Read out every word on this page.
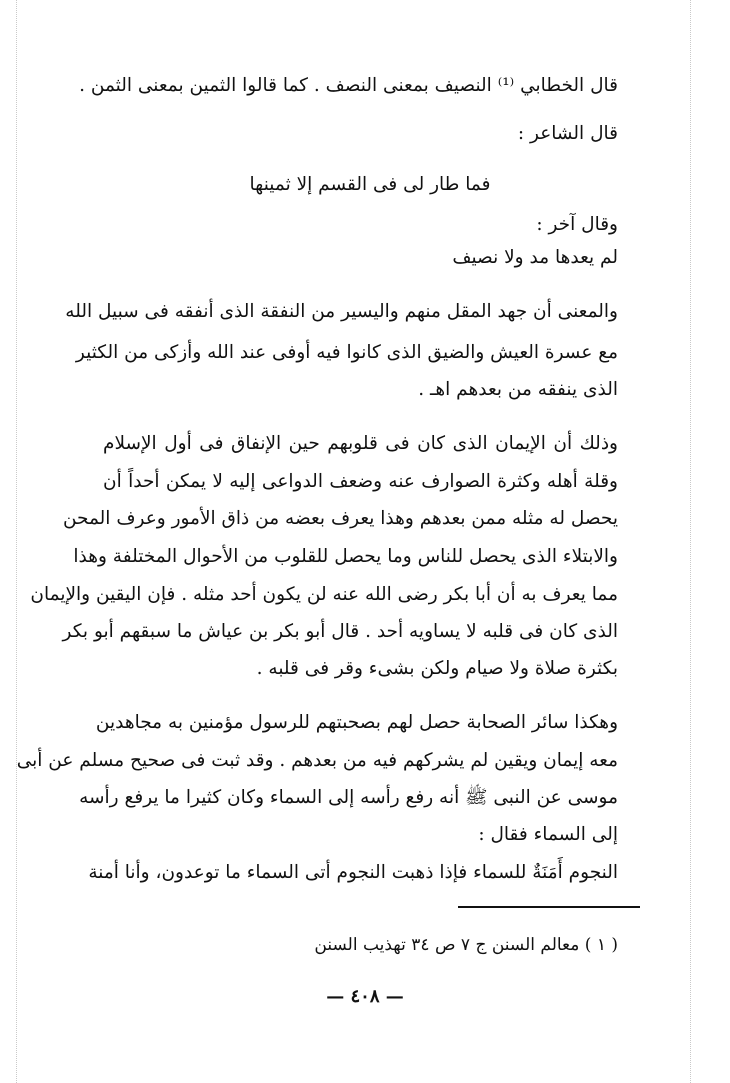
قال الخطابي ⁽¹⁾ النصيف بمعنى النصف . كما قالوا الثمين بمعنى الثمن .
قال الشاعر :
فما طار لى فى القسم إلا ثمينها
وقال آخر :
لم يعدها مد ولا نصيف
والمعنى أن جهد المقل منهم واليسير من النفقة الذى أنفقه فى سبيل الله
مع عسرة العيش والضيق الذى كانوا فيه أوفى عند الله وأزكى من الكثير
الذى ينفقه من بعدهم اهـ .
وذلك أن الإيمان الذى كان فى قلوبهم حين الإنفاق فى أول الإسلام
وقلة أهله وكثرة الصوارف عنه وضعف الدواعى إليه لا يمكن أحداً أن
يحصل له مثله ممن بعدهم وهذا يعرف بعضه من ذاق الأمور وعرف المحن
والابتلاء الذى يحصل للناس وما يحصل للقلوب من الأحوال المختلفة وهذا
مما يعرف به أن أبا بكر رضى الله عنه لن يكون أحد مثله . فإن اليقين والإيمان
الذى كان فى قلبه لا يساويه أحد . قال أبو بكر بن عياش ما سبقهم أبو بكر
بكثرة صلاة ولا صيام ولكن بشىء وقر فى قلبه .
وهكذا سائر الصحابة حصل لهم بصحبتهم للرسول مؤمنين به مجاهدين
معه إيمان ويقين لم يشركهم فيه من بعدهم . وقد ثبت فى صحيح مسلم عن أبى
موسى عن النبى ﷺ أنه رفع رأسه إلى السماء وكان كثيرا ما يرفع رأسه
إلى السماء فقال :
النجوم أَمَنَةٌ للسماء فإذا ذهبت النجوم أتى السماء ما توعدون، وأنا أمنة
( ١ ) معالم السنن ج ٧ ص ٣٤ تهذيب السنن
— ٤٠٨ —
